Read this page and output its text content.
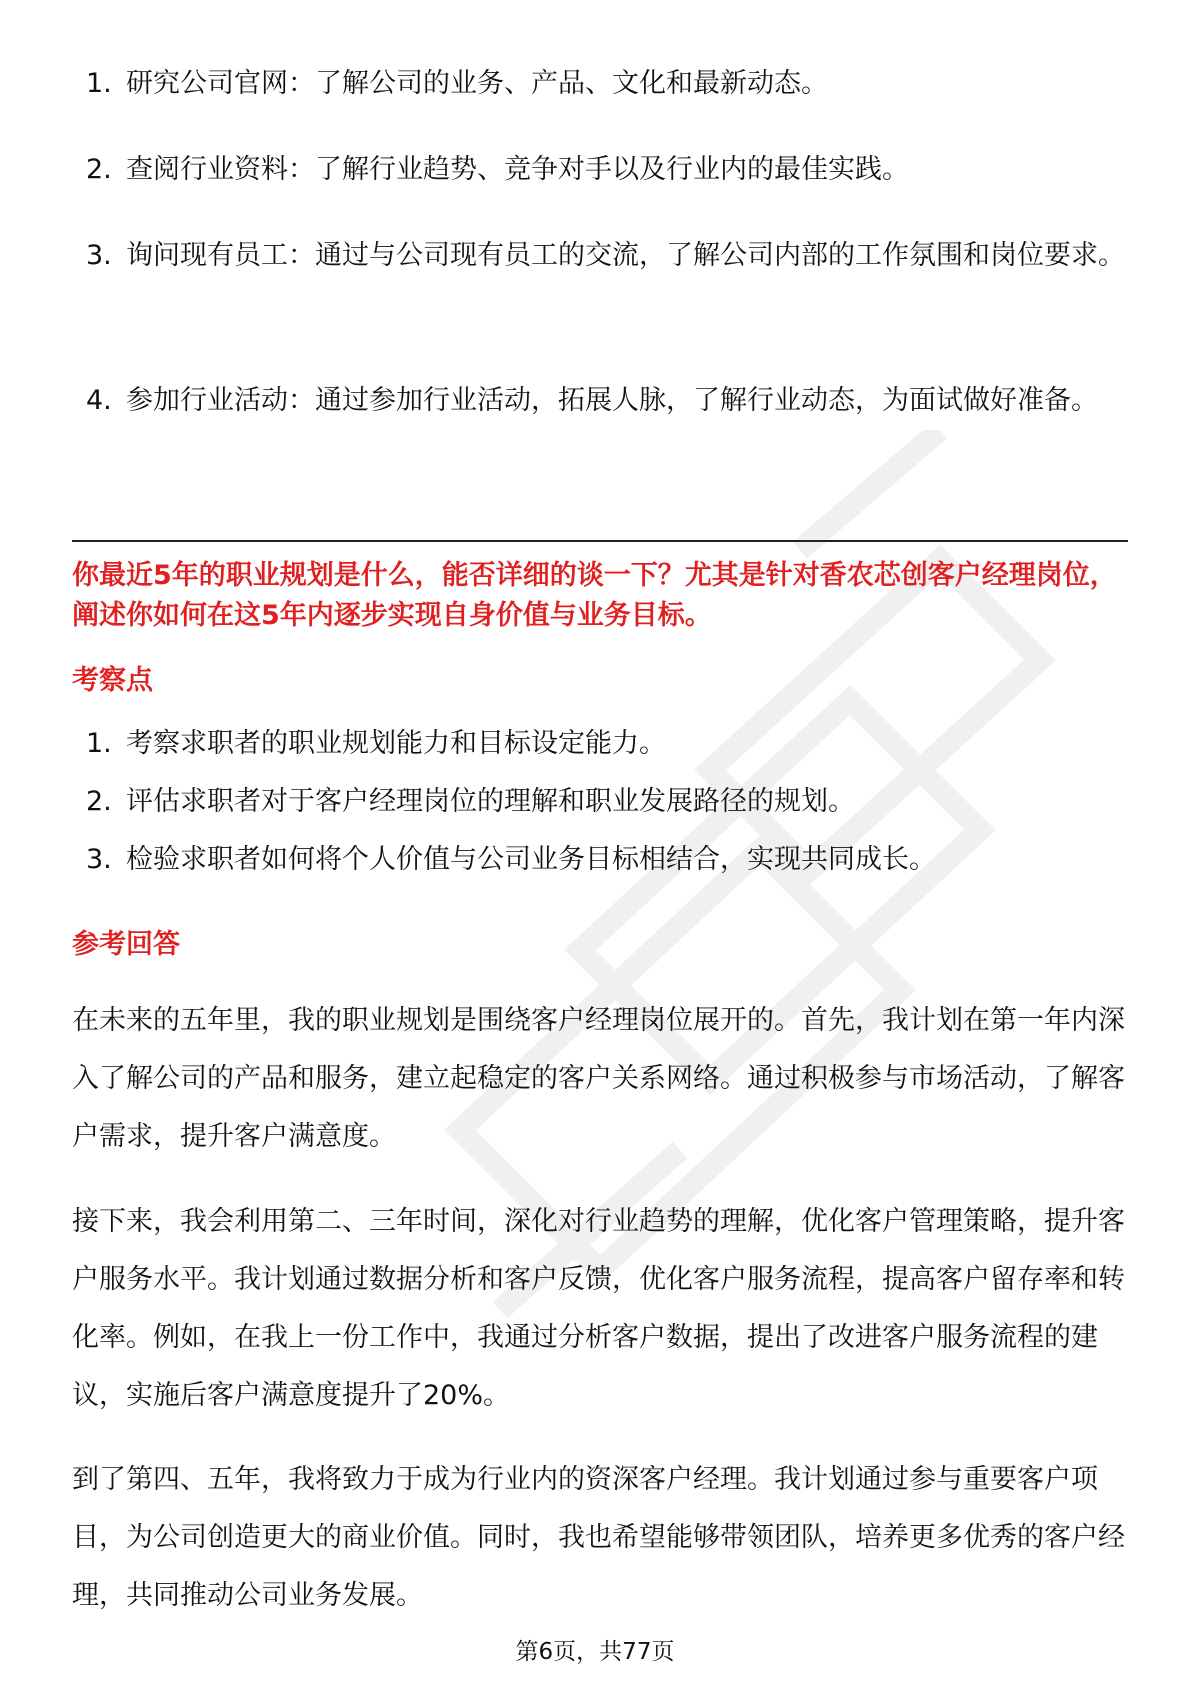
1. 研究公司官网：了解公司的业务、产品、文化和最新动态。
2. 查阅行业资料：了解行业趋势、竞争对手以及行业内的最佳实践。
3. 询问现有员工：通过与公司现有员工的交流，了解公司内部的工作氛围和岗位要求。
4. 参加行业活动：通过参加行业活动，拓展人脉，了解行业动态，为面试做好准备。

你最近5年的职业规划是什么，能否详细的谈一下？尤其是针对香农芯创客户经理岗位，阐述你如何在这5年内逐步实现自身价值与业务目标。

考察点

1. 考察求职者的职业规划能力和目标设定能力。
2. 评估求职者对于客户经理岗位的理解和职业发展路径的规划。
3. 检验求职者如何将个人价值与公司业务目标相结合，实现共同成长。

参考回答

在未来的五年里，我的职业规划是围绕客户经理岗位展开的。首先，我计划在第一年内深入了解公司的产品和服务，建立起稳定的客户关系网络。通过积极参与市场活动，了解客户需求，提升客户满意度。

接下来，我会利用第二、三年时间，深化对行业趋势的理解，优化客户管理策略，提升客户服务水平。我计划通过数据分析和客户反馈，优化客户服务流程，提高客户留存率和转化率。例如，在我上一份工作中，我通过分析客户数据，提出了改进客户服务流程的建议，实施后客户满意度提升了20%。

到了第四、五年，我将致力于成为行业内的资深客户经理。我计划通过参与重要客户项目，为公司创造更大的商业价值。同时，我也希望能够带领团队，培养更多优秀的客户经理，共同推动公司业务发展。

第6页，共77页
